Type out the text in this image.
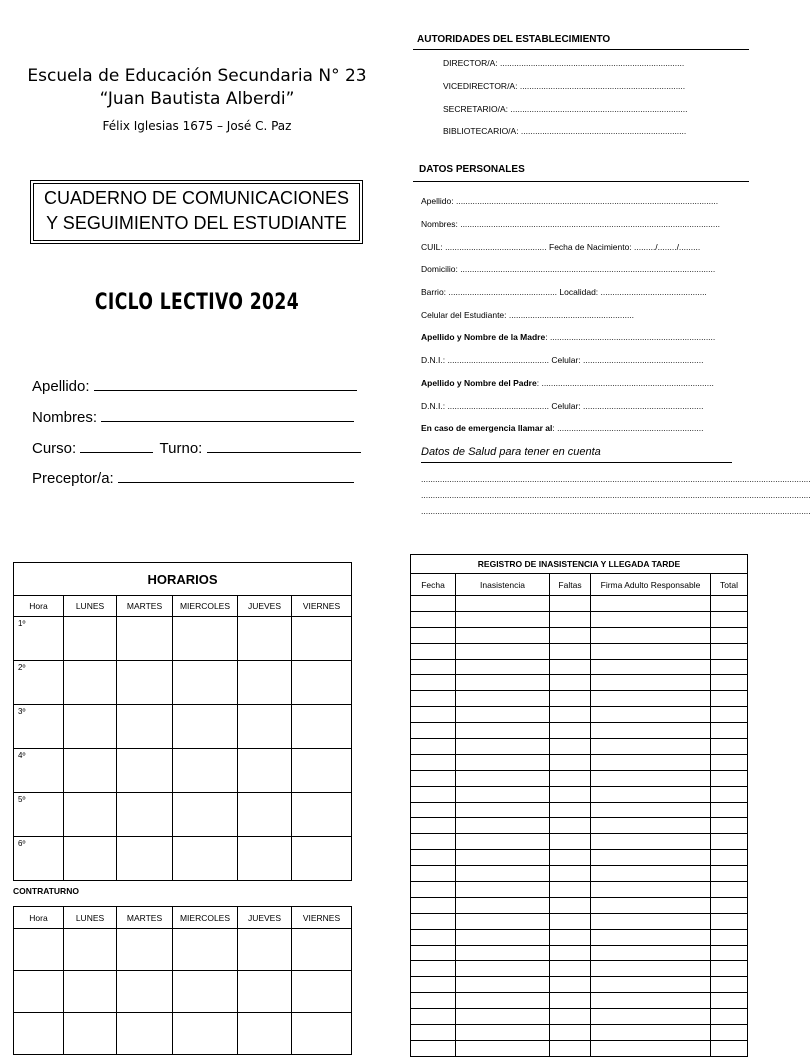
Escuela de Educación Secundaria N° 23
“Juan Bautista Alberdi”
Félix Iglesias 1675 – José C. Paz
CUADERNO DE COMUNICACIONES
Y SEGUIMIENTO DEL ESTUDIANTE
CICLO LECTIVO 2024
Apellido:
Nombres:
Curso:	Turno:
Preceptor/a:
AUTORIDADES DEL ESTABLECIMIENTO
DIRECTOR/A: ..............................................................................
VICEDIRECTOR/A: ......................................................................
SECRETARIO/A: ...........................................................................
BIBLIOTECARIO/A: ......................................................................
DATOS PERSONALES
Apellido: ...............................................................................................................
Nombres: ..............................................................................................................
CUIL: ........................................... Fecha de Nacimiento: ........./......../.........
Domicilio: ............................................................................................................
Barrio: .............................................. Localidad: .............................................
Celular del Estudiante: .....................................................
Apellido y Nombre de la Madre: ......................................................................
D.N.I.: ........................................... Celular: ...................................................
Apellido y Nombre del Padre: .........................................................................
D.N.I.: ........................................... Celular: ...................................................
En caso de emergencia llamar al: ..............................................................
Datos de Salud para tener en cuenta
.....................................................................................................................................................................
.....................................................................................................................................................................
.....................................................................................................................................................................
HORARIOS					
Hora	LUNES	MARTES	MIERCOLES	JUEVES	VIERNES
1º					
2º					
3º					
4º					
5º					
6º					
CONTRATURNO
Hora	LUNES	MARTES	MIERCOLES	JUEVES	VIERNES

REGISTRO DE INASISTENCIA Y LLEGADA TARDE				
Fecha	Inasistencia	Faltas	Firma Adulto Responsable	Total
